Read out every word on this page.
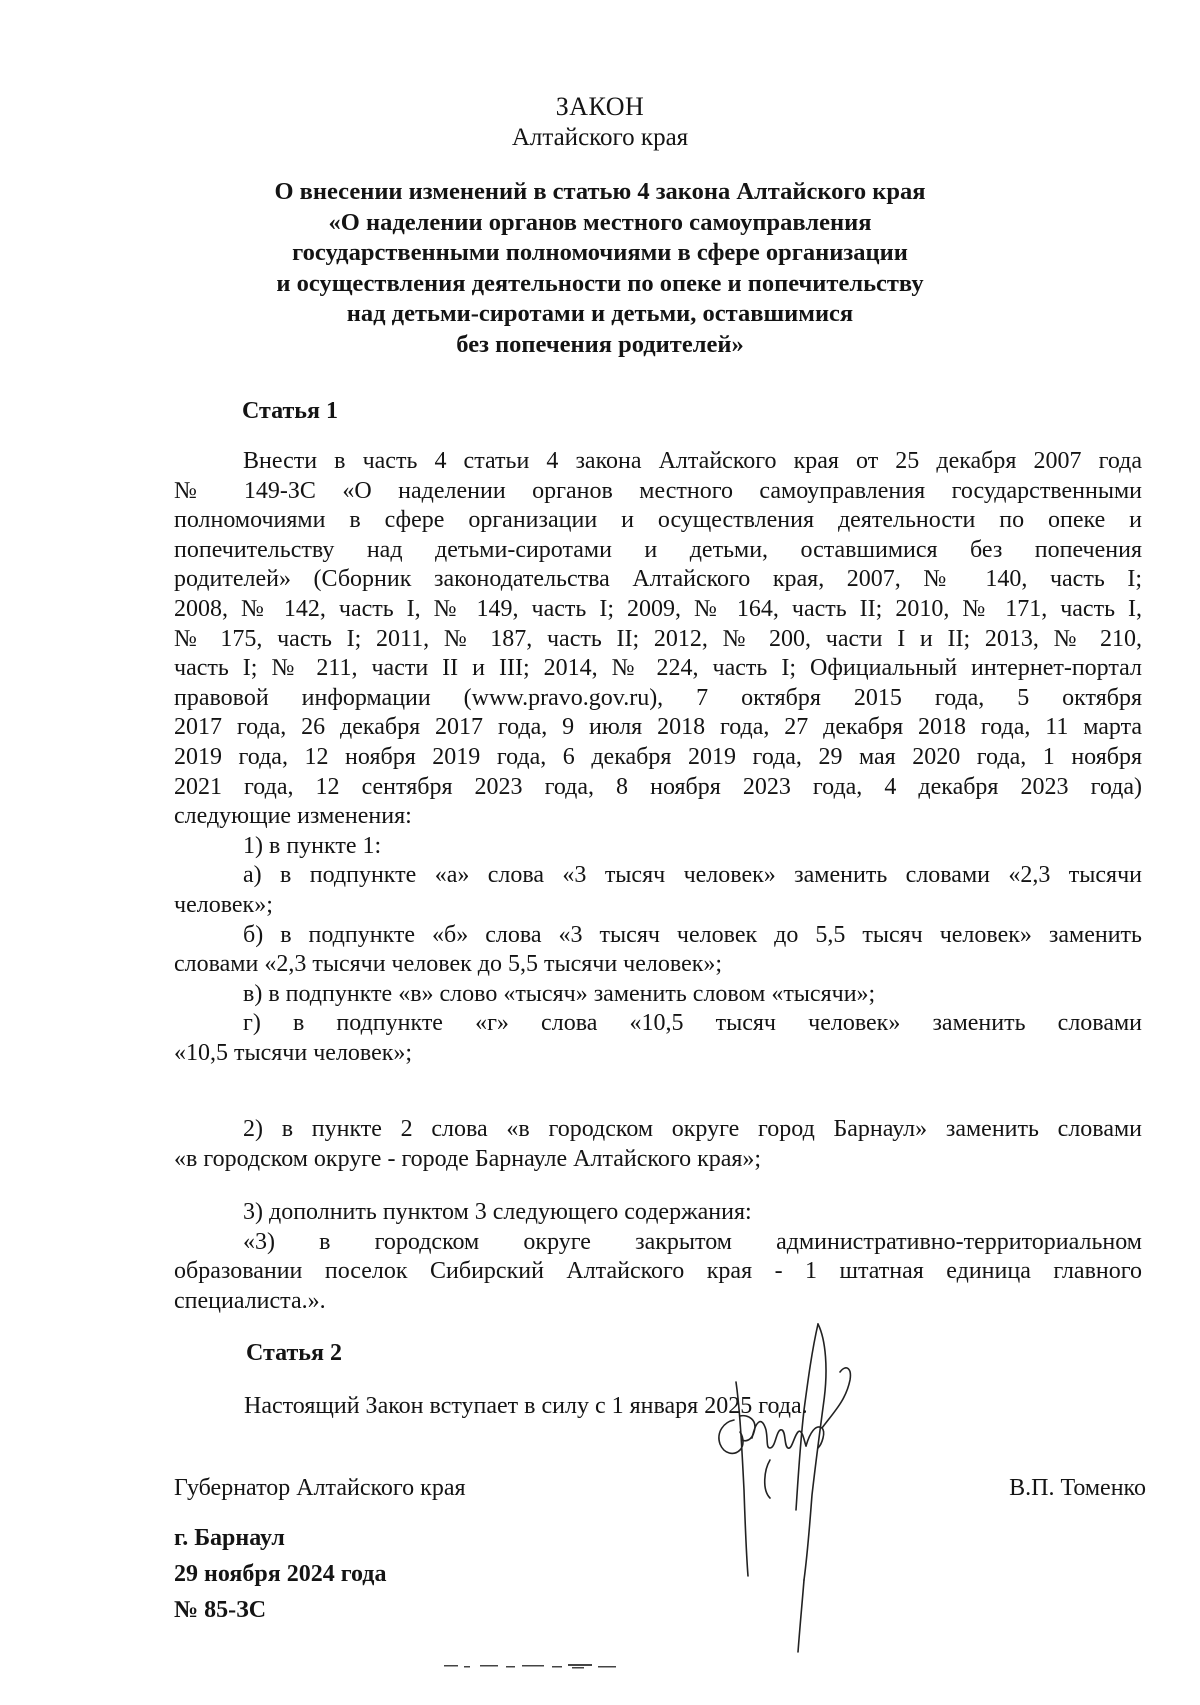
ЗАКОН
Алтайского края
О внесении изменений в статью 4 закона Алтайского края
«О наделении органов местного самоуправления
государственными полномочиями в сфере организации
и осуществления деятельности по опеке и попечительству
над детьми-сиротами и детьми, оставшимися
без попечения родителей»
Статья 1
Внести в часть 4 статьи 4 закона Алтайского края от 25 декабря 2007 года
№ 149-ЗС «О наделении органов местного самоуправления государственными
полномочиями в сфере организации и осуществления деятельности по опеке и
попечительству над детьми-сиротами и детьми, оставшимися без попечения
родителей» (Сборник законодательства Алтайского края, 2007, № 140, часть I;
2008, № 142, часть I, № 149, часть I; 2009, № 164, часть II; 2010, № 171, часть I,
№ 175, часть I; 2011, № 187, часть II; 2012, № 200, части I и II; 2013, № 210,
часть I; № 211, части II и III; 2014, № 224, часть I; Официальный интернет-портал
правовой информации (www.pravo.gov.ru), 7 октября 2015 года, 5 октября
2017 года, 26 декабря 2017 года, 9 июля 2018 года, 27 декабря 2018 года, 11 марта
2019 года, 12 ноября 2019 года, 6 декабря 2019 года, 29 мая 2020 года, 1 ноября
2021 года, 12 сентября 2023 года, 8 ноября 2023 года, 4 декабря 2023 года)
следующие изменения:
1) в пункте 1:
а) в подпункте «а» слова «3 тысяч человек» заменить словами «2,3 тысячи
человек»;
б) в подпункте «б» слова «3 тысяч человек до 5,5 тысяч человек» заменить
словами «2,3 тысячи человек до 5,5 тысячи человек»;
в) в подпункте «в» слово «тысяч» заменить словом «тысячи»;
г) в подпункте «г» слова «10,5 тысяч человек» заменить словами
«10,5 тысячи человек»;
2) в пункте 2 слова «в городском округе город Барнаул» заменить словами
«в городском округе - городе Барнауле Алтайского края»;
3) дополнить пунктом 3 следующего содержания:
«3) в городском округе закрытом административно-территориальном
образовании поселок Сибирский Алтайского края - 1 штатная единица главного
специалиста.».
Статья 2
Настоящий Закон вступает в силу с 1 января 2025 года.
Губернатор Алтайского края	В.П. Томенко
г. Барнаул
29 ноября 2024 года
№ 85-ЗС
